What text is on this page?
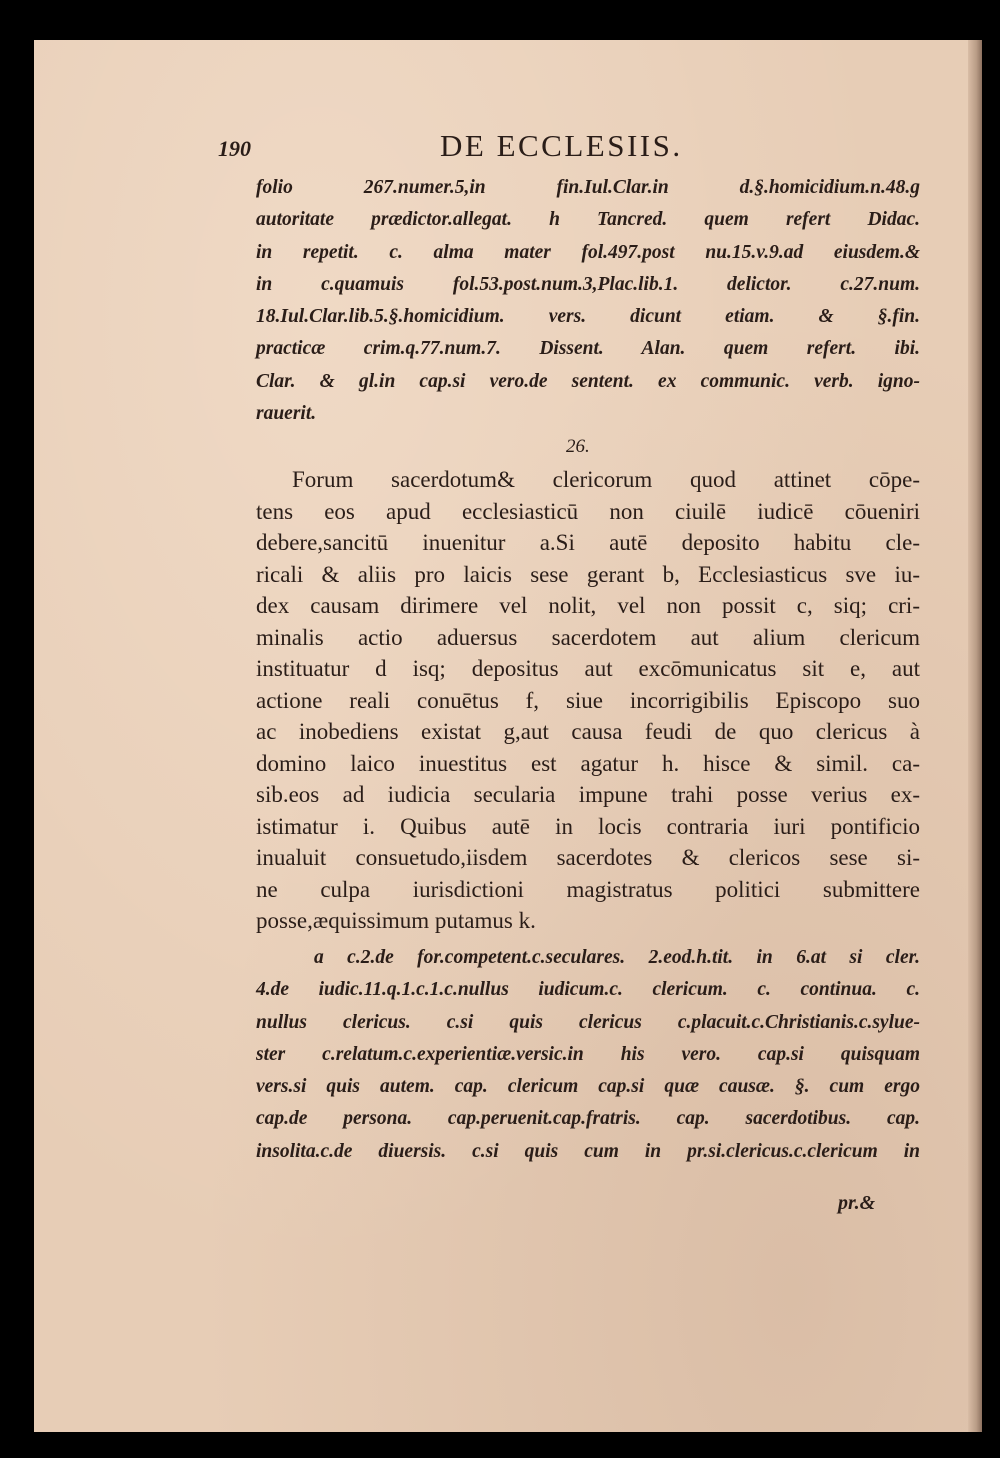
190	DE ECCLESIIS.
folio 267.numer.5,in fin.Iul.Clar.in d.§.homicidium.n.48.g
autoritate prædictor.allegat. h Tancred. quem refert Didac.
in repetit. c. alma mater fol.497.post nu.15.v.9.ad eiusdem.&
in c.quamuis fol.53.post.num.3,Plac.lib.1. delictor. c.27.num.
18.Iul.Clar.lib.5.§.homicidium. vers. dicunt etiam. & §.fin.
practicæ crim.q.77.num.7. Dissent. Alan. quem refert. ibi.
Clar. & gl.in cap.si vero.de sentent. ex communic. verb. igno-
rauerit.
26.
Forum sacerdotum& clericorum quod attinet cōpe-
tens eos apud ecclesiasticū non ciuilē iudicē cōueniri
debere,sancitū inuenitur a.Si autē deposito habitu cle-
ricali & aliis pro laicis sese gerant b, Ecclesiasticus sve iu-
dex causam dirimere vel nolit, vel non possit c, siq; cri-
minalis actio aduersus sacerdotem aut alium clericum
instituatur d isq; depositus aut excōmunicatus sit e, aut
actione reali conuētus f, siue incorrigibilis Episcopo suo
ac inobediens existat g,aut causa feudi de quo clericus à
domino laico inuestitus est agatur h. hisce & simil. ca-
sib.eos ad iudicia secularia impune trahi posse verius ex-
istimatur i. Quibus autē in locis contraria iuri pontificio
inualuit consuetudo,iisdem sacerdotes & clericos sese si-
ne culpa iurisdictioni magistratus politici submittere
posse,æquissimum putamus k.
a c.2.de for.competent.c.seculares. 2.eod.h.tit. in 6.at si cler.
4.de iudic.11.q.1.c.1.c.nullus iudicum.c. clericum. c. continua. c.
nullus clericus. c.si quis clericus c.placuit.c.Christianis.c.sylue-
ster c.relatum.c.experientiæ.versic.in his vero. cap.si quisquam
vers.si quis autem. cap. clericum cap.si quæ causæ. §. cum ergo
cap.de persona. cap.peruenit.cap.fratris. cap. sacerdotibus. cap.
insolita.c.de diuersis. c.si quis cum in pr.si.clericus.c.clericum in
pr.&
